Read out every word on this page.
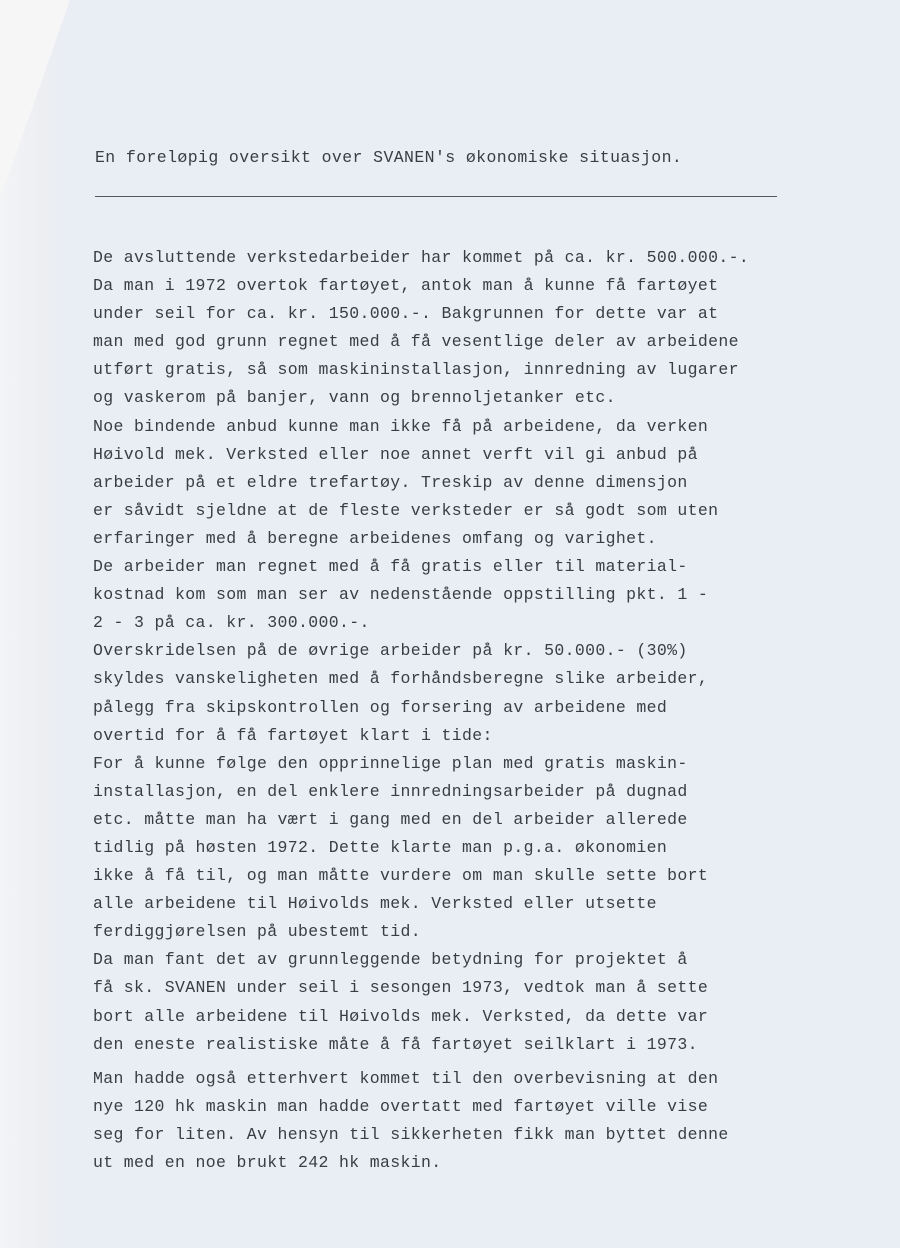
En foreløpig oversikt over SVANEN's økonomiske situasjon.
De avsluttende verkstedarbeider har kommet på ca. kr. 500.000.-.
Da man i 1972 overtok fartøyet, antok man å kunne få fartøyet
under seil for ca. kr. 150.000.-. Bakgrunnen for dette var at
man med god grunn regnet med å få vesentlige deler av arbeidene
utført gratis, så som maskininstallasjon, innredning av lugarer
og vaskerom på banjer, vann og brennoljetanker etc.
Noe bindende anbud kunne man ikke få på arbeidene, da verken
Høivold mek. Verksted eller noe annet verft vil gi anbud på
arbeider på et eldre trefartøy. Treskip av denne dimensjon
er såvidt sjeldne at de fleste verksteder er så godt som uten
erfaringer med å beregne arbeidenes omfang og varighet.
De arbeider man regnet med å få gratis eller til material-
kostnad kom som man ser av nedenstående oppstilling pkt. 1 -
2 - 3 på ca. kr. 300.000.-.
Overskridelsen på de øvrige arbeider på kr. 50.000.- (30%)
skyldes vanskeligheten med å forhåndsberegne slike arbeider,
pålegg fra skipskontrollen og forsering av arbeidene med
overtid for å få fartøyet klart i tide:
For å kunne følge den opprinnelige plan med gratis maskin-
installasjon, en del enklere innredningsarbeider på dugnad
etc. måtte man ha vært i gang med en del arbeider allerede
tidlig på høsten 1972. Dette klarte man p.g.a. økonomien
ikke å få til, og man måtte vurdere om man skulle sette bort
alle arbeidene til Høivolds mek. Verksted eller utsette
ferdiggjørelsen på ubestemt tid.
Da man fant det av grunnleggende betydning for projektet å
få sk. SVANEN under seil i sesongen 1973, vedtok man å sette
bort alle arbeidene til Høivolds mek. Verksted, da dette var
den eneste realistiske måte å få fartøyet seilklart i 1973.
Man hadde også etterhvert kommet til den overbevisning at den
nye 120 hk maskin man hadde overtatt med fartøyet ville vise
seg for liten. Av hensyn til sikkerheten fikk man byttet denne
ut med en noe brukt 242 hk maskin.
